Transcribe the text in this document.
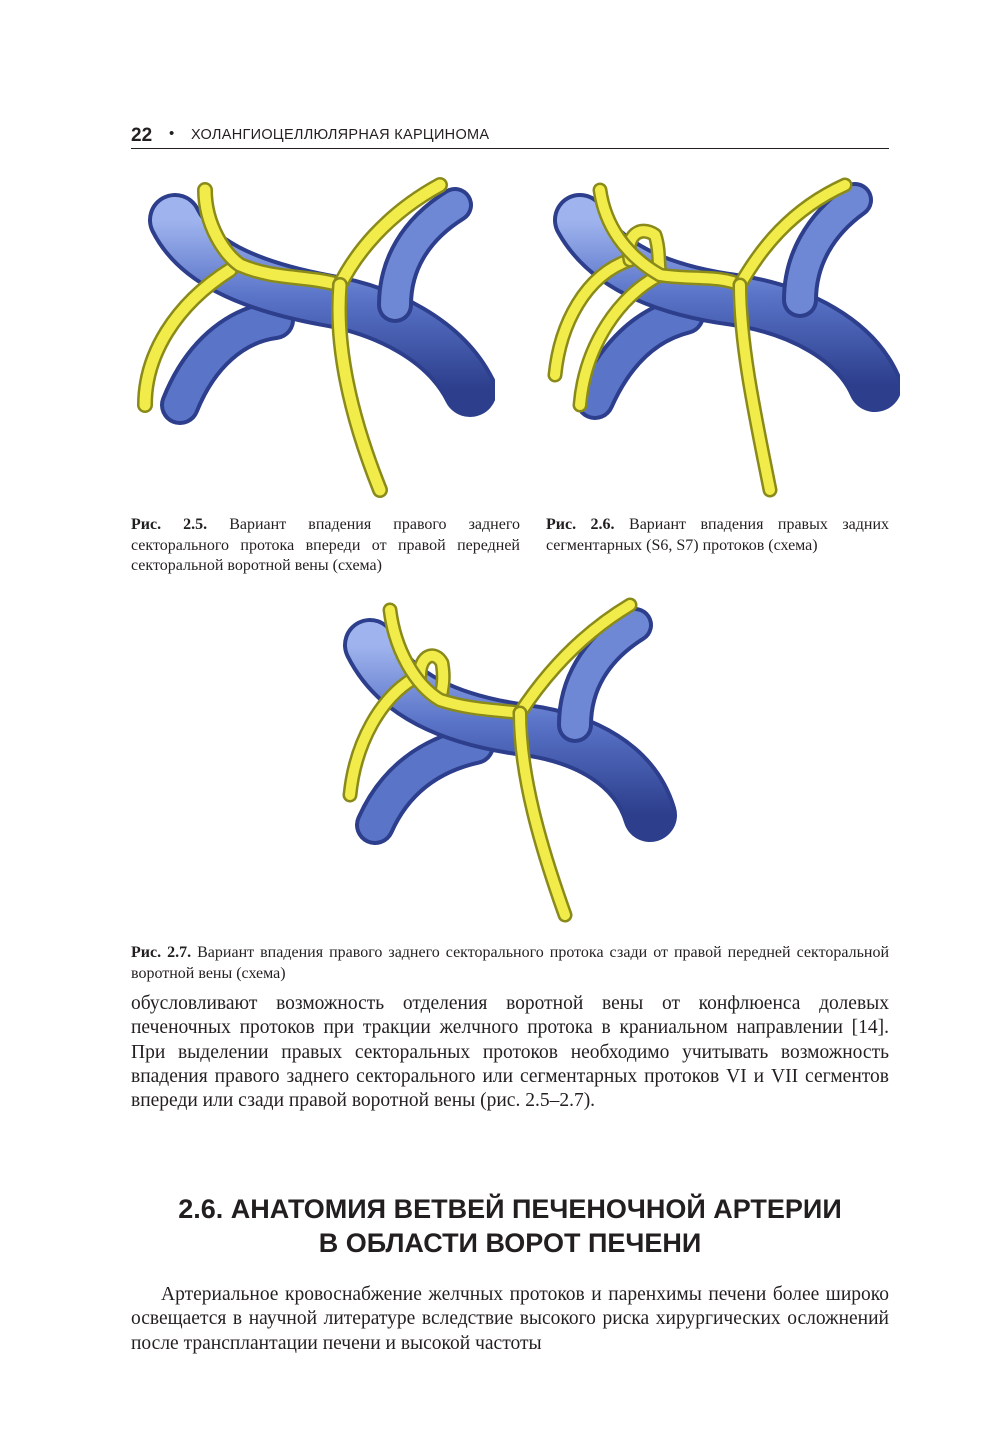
22 • ХОЛАНГИОЦЕЛЛЮЛЯРНАЯ КАРЦИНОМА
Рис. 2.5. Вариант впадения правого заднего секторального протока впереди от правой передней секторальной воротной вены (схема)
Рис. 2.6. Вариант впадения правых задних сегментарных (S6, S7) протоков (схема)
Рис. 2.7. Вариант впадения правого заднего секторального протока сзади от правой передней секторальной воротной вены (схема)

обусловливают возможность отделения воротной вены от конфлюенса долевых печеночных протоков при тракции желчного протока в краниальном направлении [14]. При выделении правых секторальных протоков необходимо учитывать возможность впадения правого заднего секторального или сегментарных протоков VI и VII сегментов впереди или сзади правой воротной вены (рис. 2.5–2.7).

2.6. АНАТОМИЯ ВЕТВЕЙ ПЕЧЕНОЧНОЙ АРТЕРИИ
В ОБЛАСТИ ВОРОТ ПЕЧЕНИ

Артериальное кровоснабжение желчных протоков и паренхимы печени более широко освещается в научной литературе вследствие высокого риска хирургических осложнений после трансплантации печени и высокой частоты
